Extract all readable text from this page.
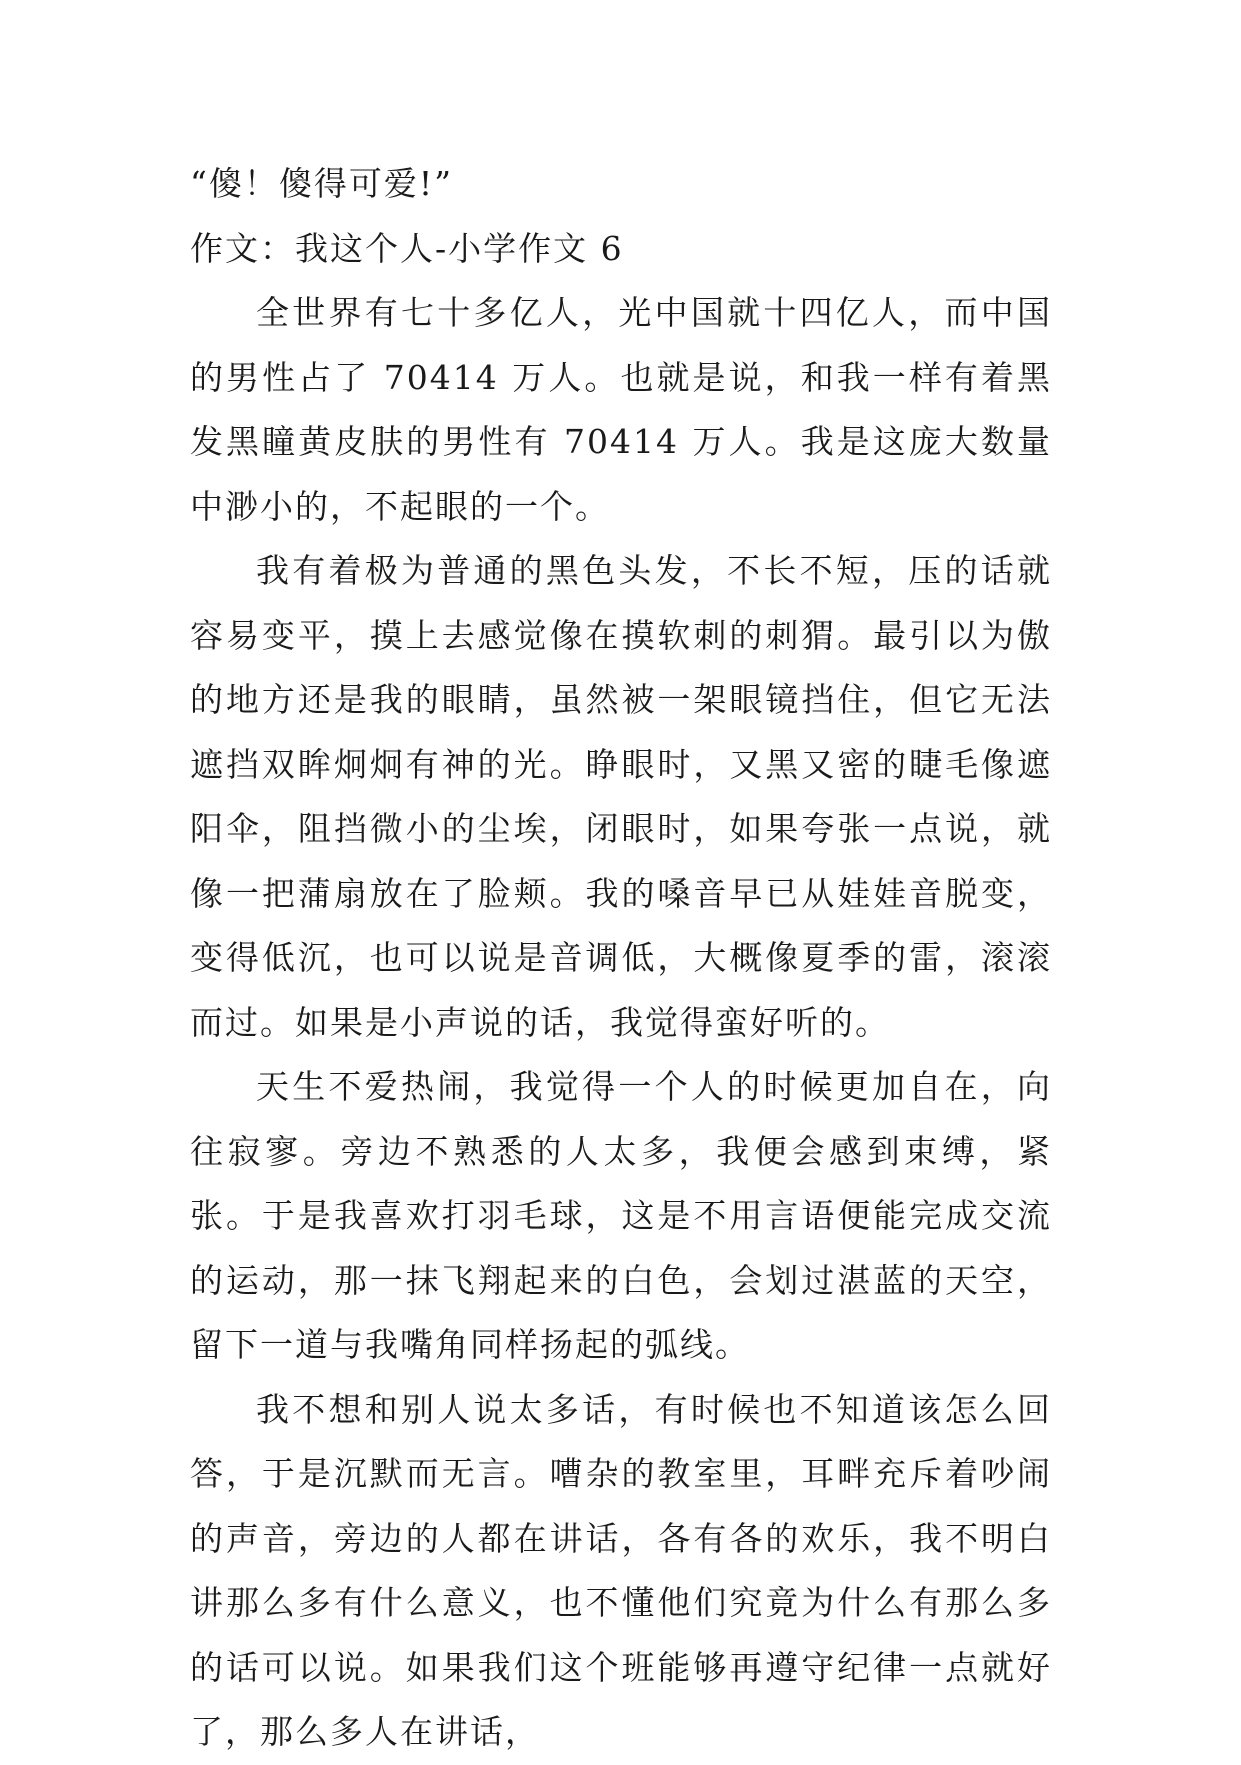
“傻！傻得可爱!”

作文：我这个人-小学作文 6

全世界有七十多亿人，光中国就十四亿人，而中国的男性占了 70414 万人。也就是说，和我一样有着黑发黑瞳黄皮肤的男性有 70414 万人。我是这庞大数量中渺小的，不起眼的一个。

我有着极为普通的黑色头发，不长不短，压的话就容易变平，摸上去感觉像在摸软刺的刺猬。最引以为傲的地方还是我的眼睛，虽然被一架眼镜挡住，但它无法遮挡双眸炯炯有神的光。睁眼时，又黑又密的睫毛像遮阳伞，阻挡微小的尘埃，闭眼时，如果夸张一点说，就像一把蒲扇放在了脸颊。我的嗓音早已从娃娃音脱变，变得低沉，也可以说是音调低，大概像夏季的雷，滚滚而过。如果是小声说的话，我觉得蛮好听的。

天生不爱热闹，我觉得一个人的时候更加自在，向往寂寥。旁边不熟悉的人太多，我便会感到束缚，紧张。于是我喜欢打羽毛球，这是不用言语便能完成交流的运动，那一抹飞翔起来的白色，会划过湛蓝的天空，留下一道与我嘴角同样扬起的弧线。

我不想和别人说太多话，有时候也不知道该怎么回答，于是沉默而无言。嘈杂的教室里，耳畔充斥着吵闹的声音，旁边的人都在讲话，各有各的欢乐，我不明白讲那么多有什么意义，也不懂他们究竟为什么有那么多的话可以说。如果我们这个班能够再遵守纪律一点就好了，那么多人在讲话，
